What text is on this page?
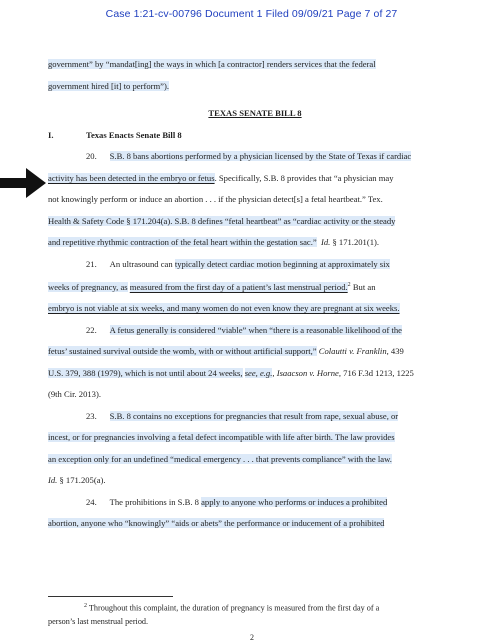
Case 1:21-cv-00796 Document 1 Filed 09/09/21 Page 7 of 27
government” by “mandat[ing] the ways in which [a contractor] renders services that the federal
government hired [it] to perform”).
TEXAS SENATE BILL 8
I.	Texas Enacts Senate Bill 8
20. S.B. 8 bans abortions performed by a physician licensed by the State of Texas if cardiac
activity has been detected in the embryo or fetus. Specifically, S.B. 8 provides that “a physician may
not knowingly perform or induce an abortion . . . if the physician detect[s] a fetal heartbeat.” Tex.
Health & Safety Code § 171.204(a). S.B. 8 defines “fetal heartbeat” as “cardiac activity or the steady
and repetitive rhythmic contraction of the fetal heart within the gestation sac.” Id. § 171.201(1).
21. An ultrasound can typically detect cardiac motion beginning at approximately six
weeks of pregnancy, as measured from the first day of a patient’s last menstrual period.$^2$ But an
embryo is not viable at six weeks, and many women do not even know they are pregnant at six weeks.
22. A fetus generally is considered “viable” when “there is a reasonable likelihood of the
fetus’ sustained survival outside the womb, with or without artificial support,” Colautti v. Franklin, 439
U.S. 379, 388 (1979), which is not until about 24 weeks, see, e.g., Isaacson v. Horne, 716 F.3d 1213, 1225
(9th Cir. 2013).
23. S.B. 8 contains no exceptions for pregnancies that result from rape, sexual abuse, or
incest, or for pregnancies involving a fetal defect incompatible with life after birth. The law provides
an exception only for an undefined “medical emergency . . . that prevents compliance” with the law.
Id. § 171.205(a).
24. The prohibitions in S.B. 8 apply to anyone who performs or induces a prohibited
abortion, anyone who “knowingly” “aids or abets” the performance or inducement of a prohibited
$^2$ Throughout this complaint, the duration of pregnancy is measured from the first day of a
person’s last menstrual period.
2
